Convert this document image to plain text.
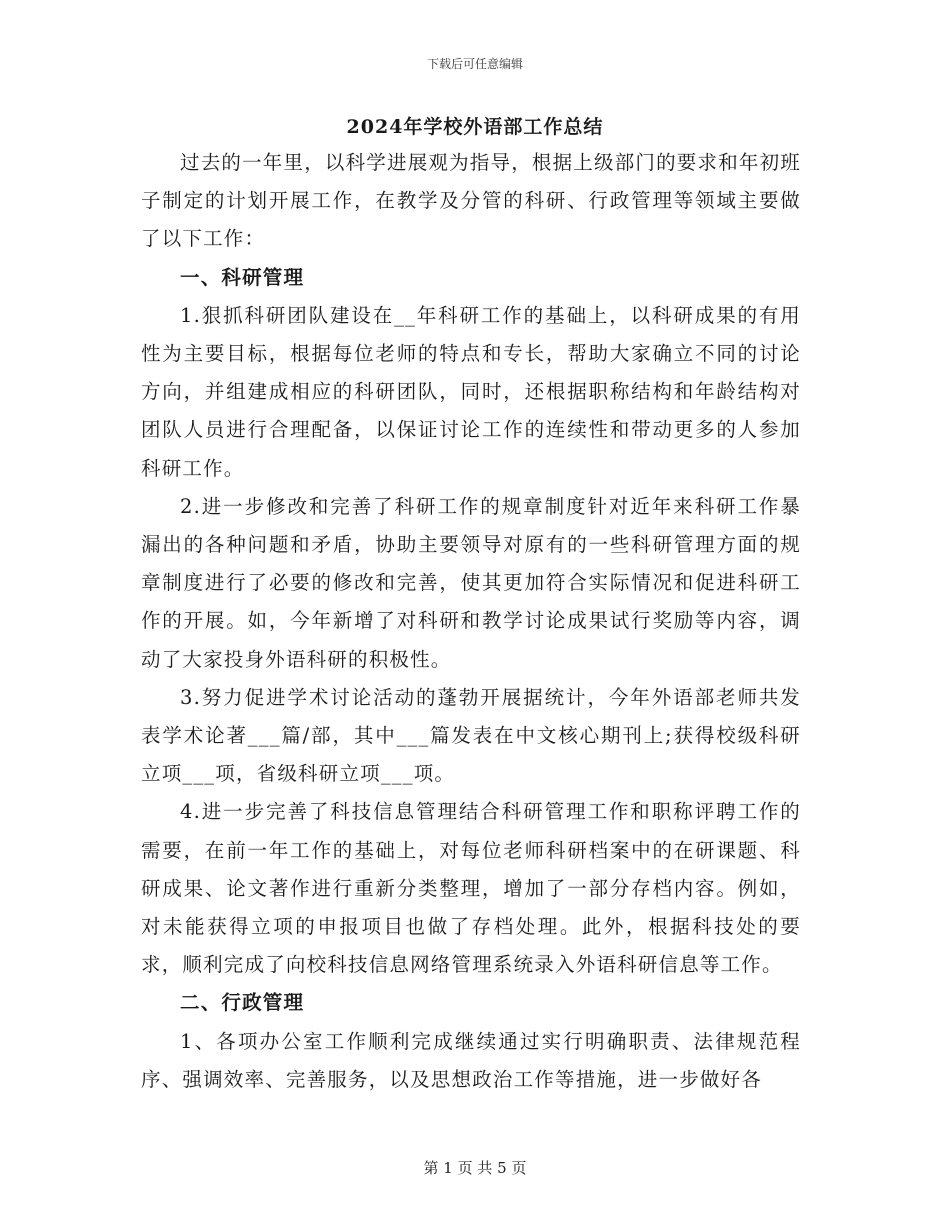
下载后可任意编辑
2024年学校外语部工作总结

过去的一年里，以科学进展观为指导，根据上级部门的要求和年初班子制定的计划开展工作，在教学及分管的科研、行政管理等领域主要做了以下工作：

一、科研管理

1.狠抓科研团队建设在__年科研工作的基础上，以科研成果的有用性为主要目标，根据每位老师的特点和专长，帮助大家确立不同的讨论方向，并组建成相应的科研团队，同时，还根据职称结构和年龄结构对团队人员进行合理配备，以保证讨论工作的连续性和带动更多的人参加科研工作。

2.进一步修改和完善了科研工作的规章制度针对近年来科研工作暴漏出的各种问题和矛盾，协助主要领导对原有的一些科研管理方面的规章制度进行了必要的修改和完善，使其更加符合实际情况和促进科研工作的开展。如，今年新增了对科研和教学讨论成果试行奖励等内容，调动了大家投身外语科研的积极性。

3.努力促进学术讨论活动的蓬勃开展据统计，今年外语部老师共发表学术论著___篇/部，其中___篇发表在中文核心期刊上;获得校级科研立项___项，省级科研立项___项。

4.进一步完善了科技信息管理结合科研管理工作和职称评聘工作的需要，在前一年工作的基础上，对每位老师科研档案中的在研课题、科研成果、论文著作进行重新分类整理，增加了一部分存档内容。例如，对未能获得立项的申报项目也做了存档处理。此外，根据科技处的要求，顺利完成了向校科技信息网络管理系统录入外语科研信息等工作。

二、行政管理

1、各项办公室工作顺利完成继续通过实行明确职责、法律规范程序、强调效率、完善服务，以及思想政治工作等措施，进一步做好各

第 1 页 共 5 页
